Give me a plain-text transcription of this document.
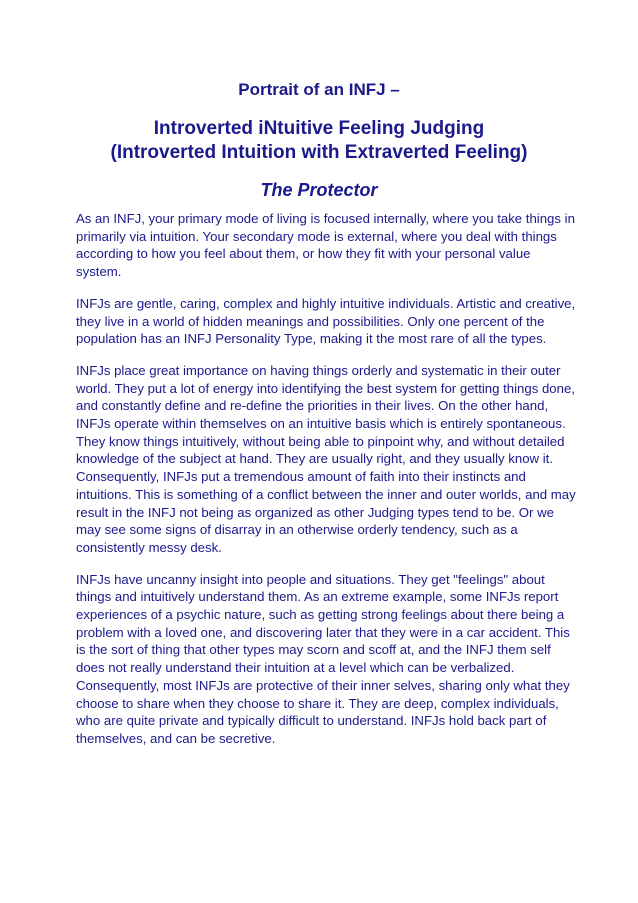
Portrait of an INFJ –
Introverted iNtuitive Feeling Judging
(Introverted Intuition with Extraverted Feeling)
The Protector

As an INFJ, your primary mode of living is focused internally, where you take things in primarily via intuition. Your secondary mode is external, where you deal with things according to how you feel about them, or how they fit with your personal value system.

INFJs are gentle, caring, complex and highly intuitive individuals. Artistic and creative, they live in a world of hidden meanings and possibilities. Only one percent of the population has an INFJ Personality Type, making it the most rare of all the types.

INFJs place great importance on having things orderly and systematic in their outer world. They put a lot of energy into identifying the best system for getting things done, and constantly define and re-define the priorities in their lives. On the other hand, INFJs operate within themselves on an intuitive basis which is entirely spontaneous. They know things intuitively, without being able to pinpoint why, and without detailed knowledge of the subject at hand. They are usually right, and they usually know it. Consequently, INFJs put a tremendous amount of faith into their instincts and intuitions. This is something of a conflict between the inner and outer worlds, and may result in the INFJ not being as organized as other Judging types tend to be. Or we may see some signs of disarray in an otherwise orderly tendency, such as a consistently messy desk.

INFJs have uncanny insight into people and situations. They get "feelings" about things and intuitively understand them. As an extreme example, some INFJs report experiences of a psychic nature, such as getting strong feelings about there being a problem with a loved one, and discovering later that they were in a car accident. This is the sort of thing that other types may scorn and scoff at, and the INFJ them self does not really understand their intuition at a level which can be verbalized. Consequently, most INFJs are protective of their inner selves, sharing only what they choose to share when they choose to share it. They are deep, complex individuals, who are quite private and typically difficult to understand. INFJs hold back part of themselves, and can be secretive.
